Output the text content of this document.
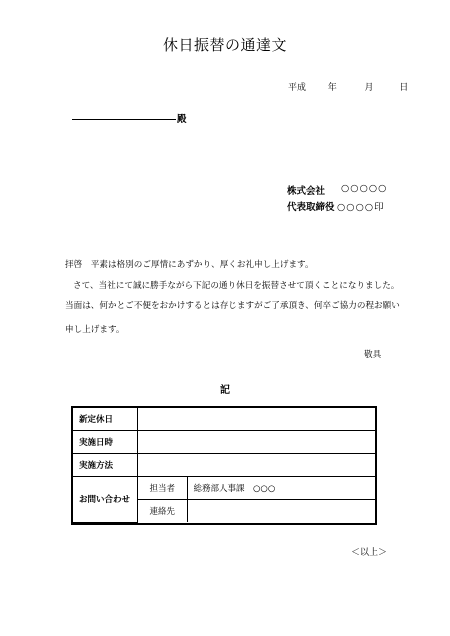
休日振替の通達文
平成 年	月	日
殿
株式会社 ○○○○○
代表取締役 ○○○○印
拝啓　平素は格別のご厚情にあずかり、厚くお礼申し上げます。
さて、当社にて誠に勝手ながら下記の通り休日を振替させて頂くことになりました。
当面は、何かとご不便をおかけするとは存じますがご了承頂き、何卒ご協力の程お願い
申し上げます。
敬具
記
新定休日		
実施日時		
実施方法		
お問い合わせ	担当者	総務部人事課　○○○
	連絡先	
＜以上＞
